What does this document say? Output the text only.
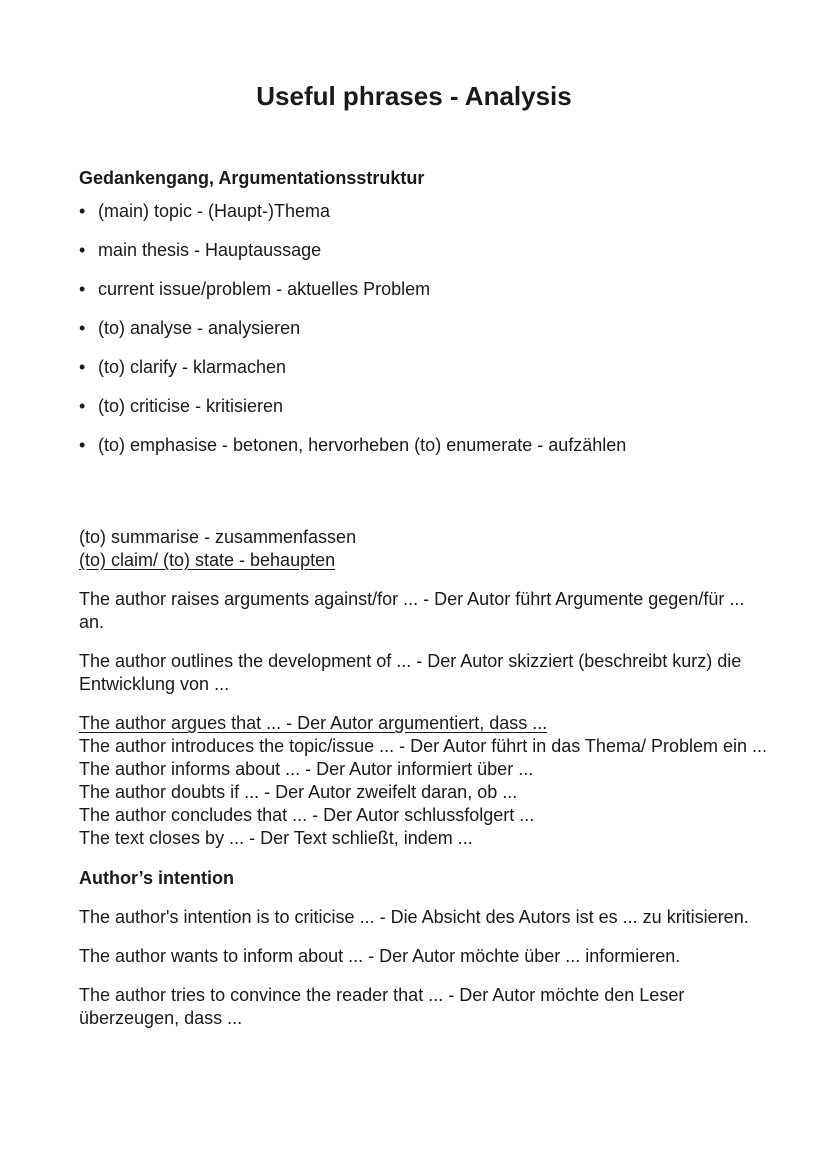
Useful phrases - Analysis

Gedankengang, Argumentationsstruktur

• (main) topic - (Haupt-)Thema
• main thesis - Hauptaussage
• current issue/problem - aktuelles Problem
• (to) analyse - analysieren
• (to) clarify - klarmachen
• (to) criticise - kritisieren
• (to) emphasise - betonen, hervorheben (to) enumerate - aufzählen

(to) summarise - zusammenfassen

(to) claim/ (to) state - behaupten

The author raises arguments against/for ... - Der Autor führt Argumente gegen/für ... an.

The author outlines the development of ... - Der Autor skizziert (beschreibt kurz) die Entwicklung von ...

The author argues that ... - Der Autor argumentiert, dass ...

The author introduces the topic/issue ... - Der Autor führt in das Thema/ Problem ein ... The author informs about ... - Der Autor informiert über ...

The author doubts if ... - Der Autor zweifelt daran, ob ...

The author concludes that ... - Der Autor schlussfolgert ...

The text closes by ... - Der Text schließt, indem ...

Author’s intention

The author's intention is to criticise ... - Die Absicht des Autors ist es ... zu kritisieren.

The author wants to inform about ... - Der Autor möchte über ... informieren.

The author tries to convince the reader that ... - Der Autor möchte den Leser überzeugen, dass ...
